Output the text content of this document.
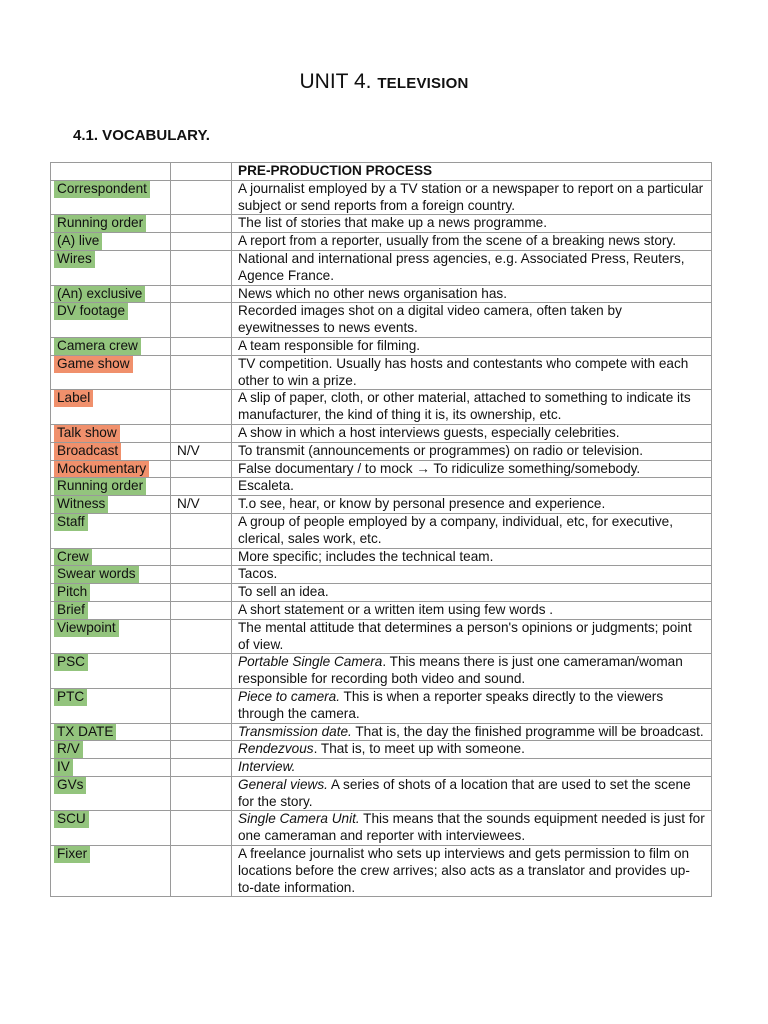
UNIT 4. TELEVISION
4.1. VOCABULARY.
		PRE-PRODUCTION PROCESS
Correspondent		A journalist employed by a TV station or a newspaper to report on a particular subject or send reports from a foreign country.
Running order		The list of stories that make up a news programme.
(A) live		A report from a reporter, usually from the scene of a breaking news story.
Wires		National and international press agencies, e.g. Associated Press, Reuters, Agence France.
(An) exclusive		News which no other news organisation has.
DV footage		Recorded images shot on a digital video camera, often taken by eyewitnesses to news events.
Camera crew		A team responsible for filming.
Game show		TV competition. Usually has hosts and contestants who compete with each other to win a prize.
Label		A slip of paper, cloth, or other material, attached to something to indicate its manufacturer, the kind of thing it is, its ownership, etc.
Talk show		A show in which a host interviews guests, especially celebrities.
Broadcast	N/V	To transmit (announcements or programmes) on radio or television.
Mockumentary		False documentary / to mock → To ridiculize something/somebody.
Running order		Escaleta.
Witness	N/V	T.o see, hear, or know by personal presence and experience.
Staff		A group of people employed by a company, individual, etc, for executive, clerical, sales work, etc.
Crew		More specific; includes the technical team.
Swear words		Tacos.
Pitch		To sell an idea.
Brief		A short statement or a written item using few words .
Viewpoint		The mental attitude that determines a person's opinions or judgments; point of view.
PSC		Portable Single Camera. This means there is just one cameraman/woman responsible for recording both video and sound.
PTC		Piece to camera. This is when a reporter speaks directly to the viewers through the camera.
TX DATE		Transmission date. That is, the day the finished programme will be broadcast.
R/V		Rendezvous. That is, to meet up with someone.
IV		Interview.
GVs		General views. A series of shots of a location that are used to set the scene for the story.
SCU		Single Camera Unit. This means that the sounds equipment needed is just for one cameraman and reporter with interviewees.
Fixer		A freelance journalist who sets up interviews and gets permission to film on locations before the crew arrives; also acts as a translator and provides up-to-date information.
